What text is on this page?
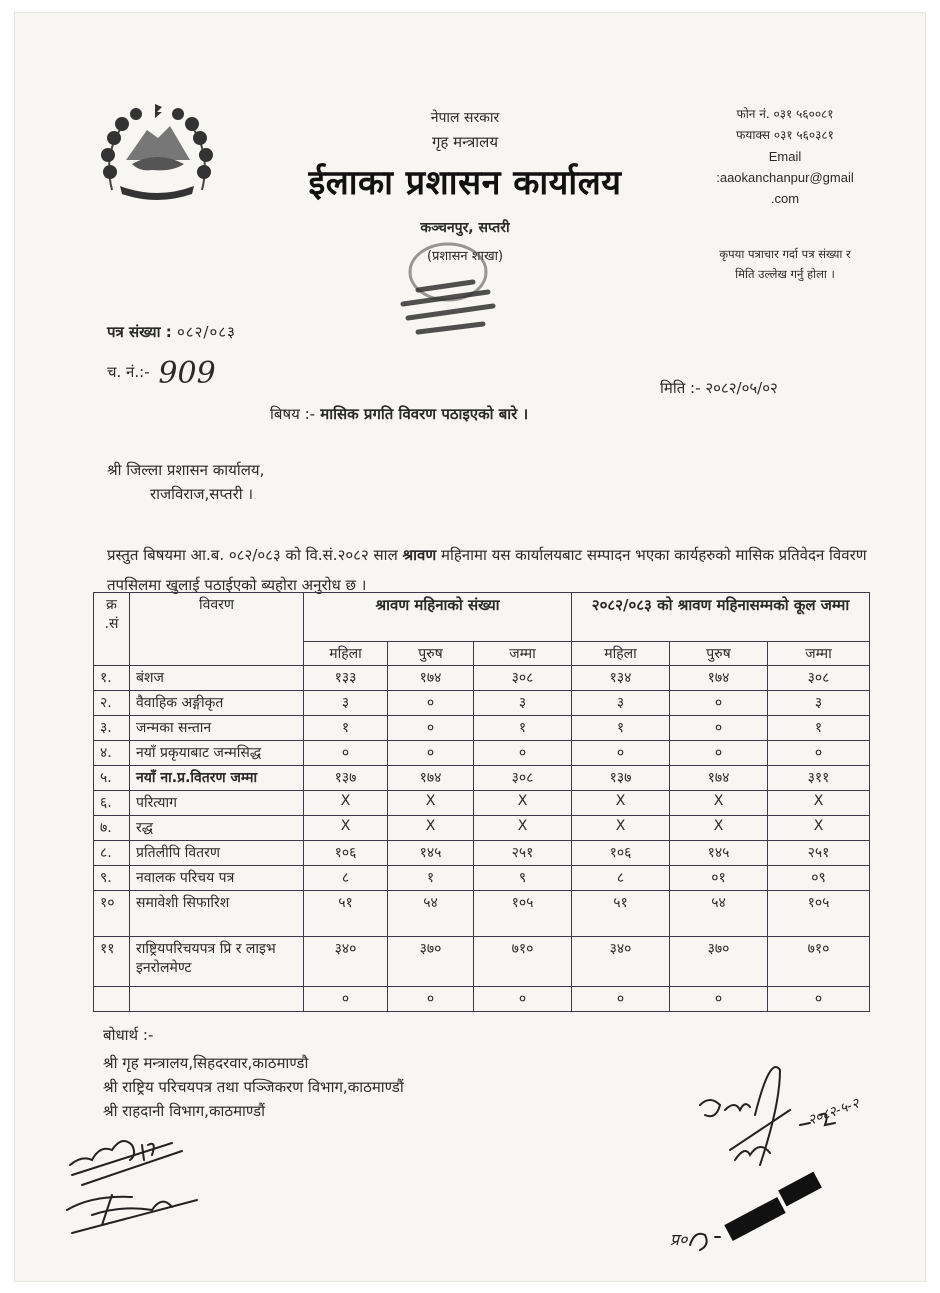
नेपाल सरकार
गृह मन्त्रालय
ईलाका प्रशासन कार्यालय
कञ्चनपुर, सप्तरी
(प्रशासन शाखा)
फोन नं. ०३१ ५६००८१
फयाक्स ०३१ ५६०३८१
Email
:aaokanchanpur@gmail
.com
कृपया पत्राचार गर्दा पत्र संख्या र
मिति उल्लेख गर्नु होला ।
पत्र संख्या : ०८२/०८३
च. नं.:- 909	मिति :- २०८२/०५/०२
बिषय :- मासिक प्रगति विवरण पठाइएको बारे ।
श्री जिल्ला प्रशासन कार्यालय,
राजविराज,सप्तरी ।
प्रस्तुत बिषयमा आ.ब. ०८२/०८३ को वि.सं.२०८२ साल श्रावण महिनामा यस कार्यालयबाट सम्पादन भएका कार्यहरुको मासिक प्रतिवेदन विवरण तपसिलमा खुलाई पठाईएको ब्यहोरा अनुरोध छ ।
क्र .सं	विवरण	श्रावण महिनाको संख्या			२०८२/०८३ को श्रावण महिनासम्मको कूल जम्मा		
		महिला	पुरुष	जम्मा	महिला	पुरुष	जम्मा
१.	बंशज	१३३	१७४	३०८	१३४	१७४	३०८
२.	वैवाहिक अङ्गीकृत	३	०	३	३	०	३
३.	जन्मका सन्तान	१	०	१	१	०	१
४.	नयाँ प्रकृयाबाट जन्मसिद्ध	०	०	०	०	०	०
५.	नयाँ ना.प्र.वितरण जम्मा	१३७	१७४	३०८	१३७	१७४	३११
६.	परित्याग	X	X	X	X	X	X
७.	रद्ध	X	X	X	X	X	X
८.	प्रतिलीपि वितरण	१०६	१४५	२५१	१०६	१४५	२५१
९.	नवालक परिचय पत्र	८	१	९	८	०१	०९
१०	समावेशी सिफारिश	५१	५४	१०५	५१	५४	१०५
११	राष्ट्रियपरिचयपत्र प्रि र लाइभ इनरोलमेण्ट	३४०	३७०	७१०	३४०	३७०	७१०
		०	०	०	०	०	०
बोधार्थ :-
श्री गृह मन्त्रालय,सिहदरवार,काठमाण्डौ
श्री राष्ट्रिय परिचयपत्र तथा पञ्जिकरण विभाग,काठमाण्डौं
श्री राहदानी विभाग,काठमाण्डौं	२०८२-५-२
प्र०
